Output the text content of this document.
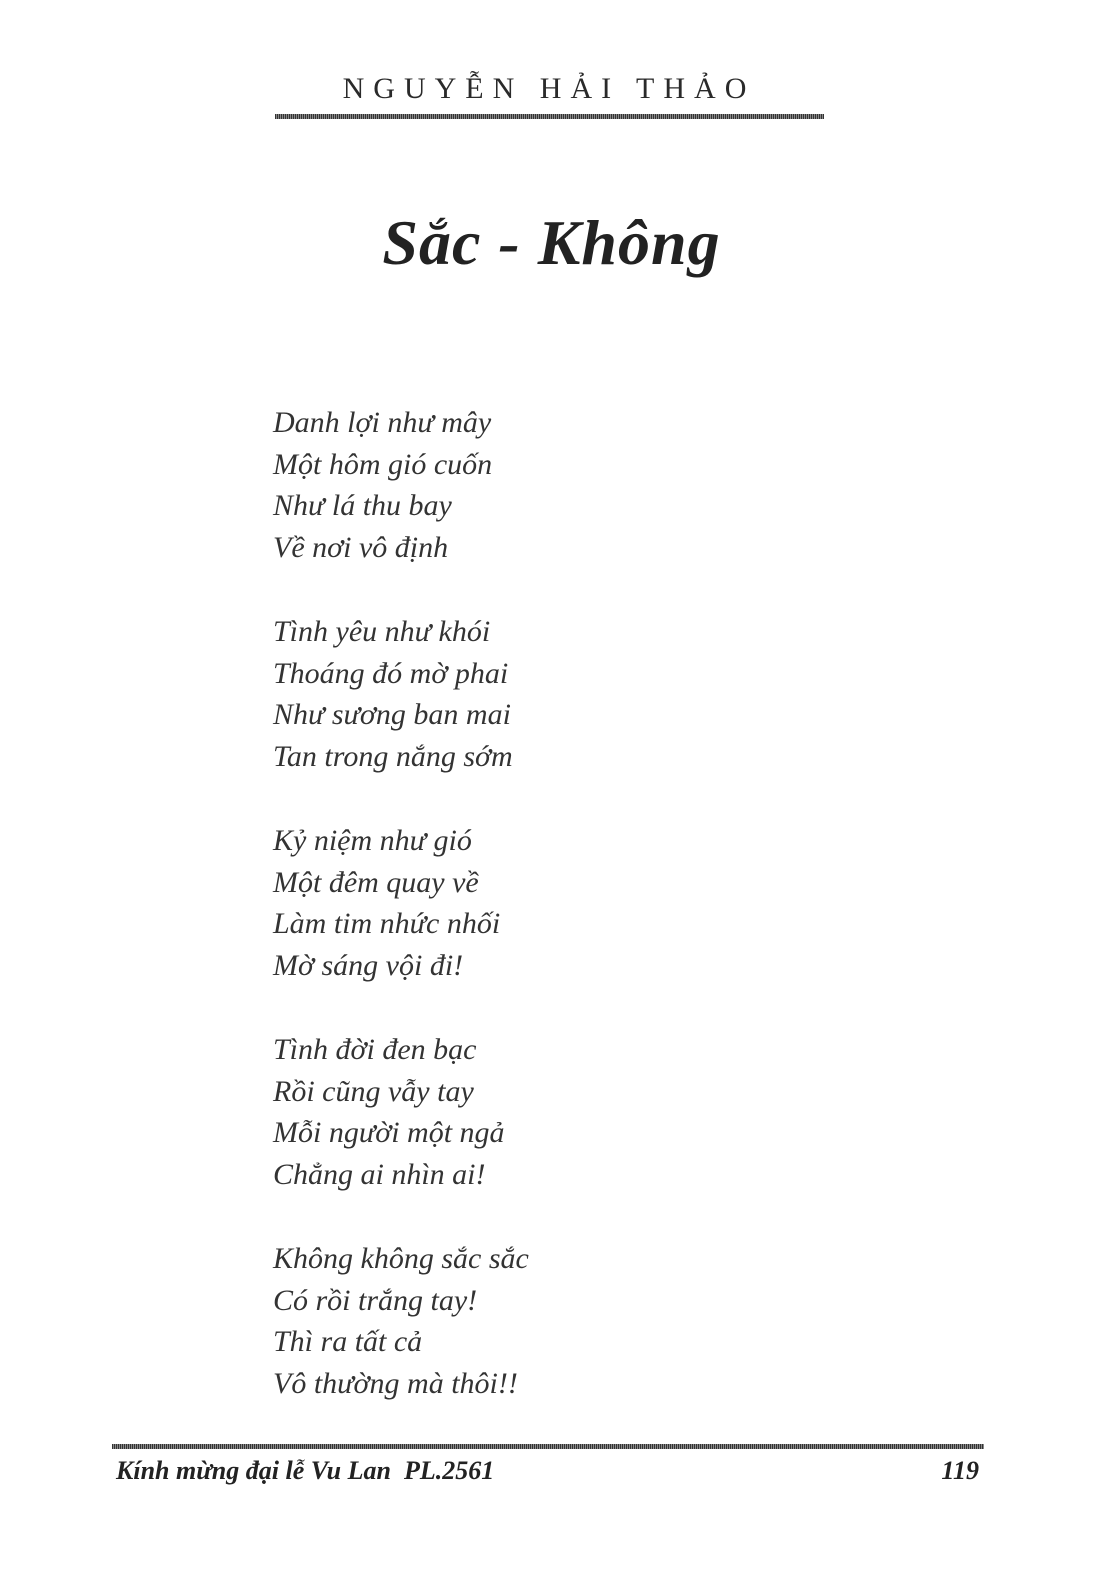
NGUYỄN HẢI THẢO
Sắc - Không
Danh lợi như mây
Một hôm gió cuốn
Như lá thu bay
Về nơi vô định
Tình yêu như khói
Thoáng đó mờ phai
Như sương ban mai
Tan trong nắng sớm
Kỷ niệm như gió
Một đêm quay về
Làm tim nhức nhối
Mờ sáng vội đi!
Tình đời đen bạc
Rồi cũng vẫy tay
Mỗi người một ngả
Chẳng ai nhìn ai!
Không không sắc sắc
Có rồi trắng tay!
Thì ra tất cả
Vô thường mà thôi!!
Kính mừng đại lễ Vu Lan  PL.2561	119
